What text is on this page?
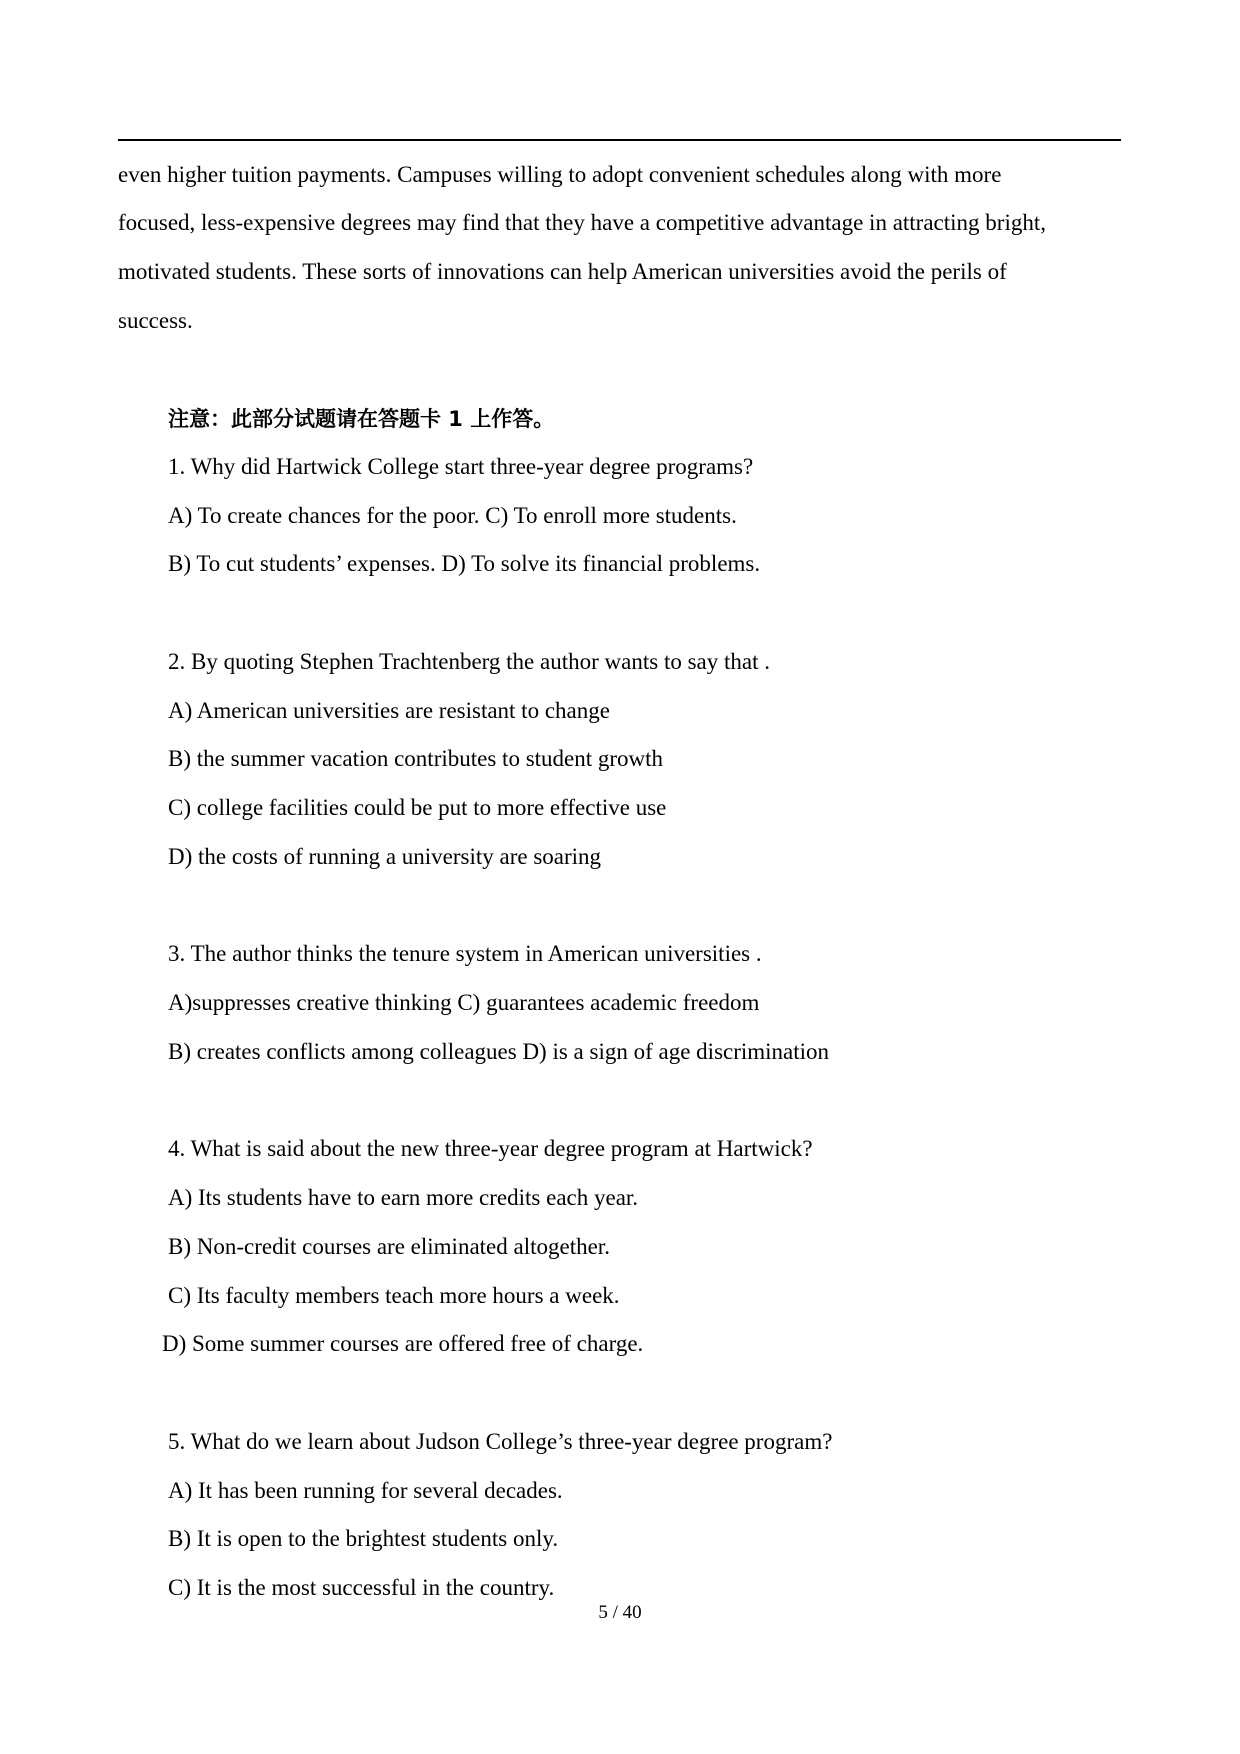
even higher tuition payments. Campuses willing to adopt convenient schedules along with more
focused, less-expensive degrees may find that they have a competitive advantage in attracting bright,
motivated students. These sorts of innovations can help American universities avoid the perils of
success.
注意：此部分试题请在答题卡 1 上作答。
1. Why did Hartwick College start three-year degree programs?
A) To create chances for the poor. C) To enroll more students.
B) To cut students’ expenses. D) To solve its financial problems.
2. By quoting Stephen Trachtenberg the author wants to say that .
A) American universities are resistant to change
B) the summer vacation contributes to student growth
C) college facilities could be put to more effective use
D) the costs of running a university are soaring
3. The author thinks the tenure system in American universities .
A)suppresses creative thinking C) guarantees academic freedom
B) creates conflicts among colleagues D) is a sign of age discrimination
4. What is said about the new three-year degree program at Hartwick?
A) Its students have to earn more credits each year.
B) Non-credit courses are eliminated altogether.
C) Its faculty members teach more hours a week.
D) Some summer courses are offered free of charge.
5. What do we learn about Judson College’s three-year degree program?
A) It has been running for several decades.
B) It is open to the brightest students only.
C) It is the most successful in the country.
5 / 40
